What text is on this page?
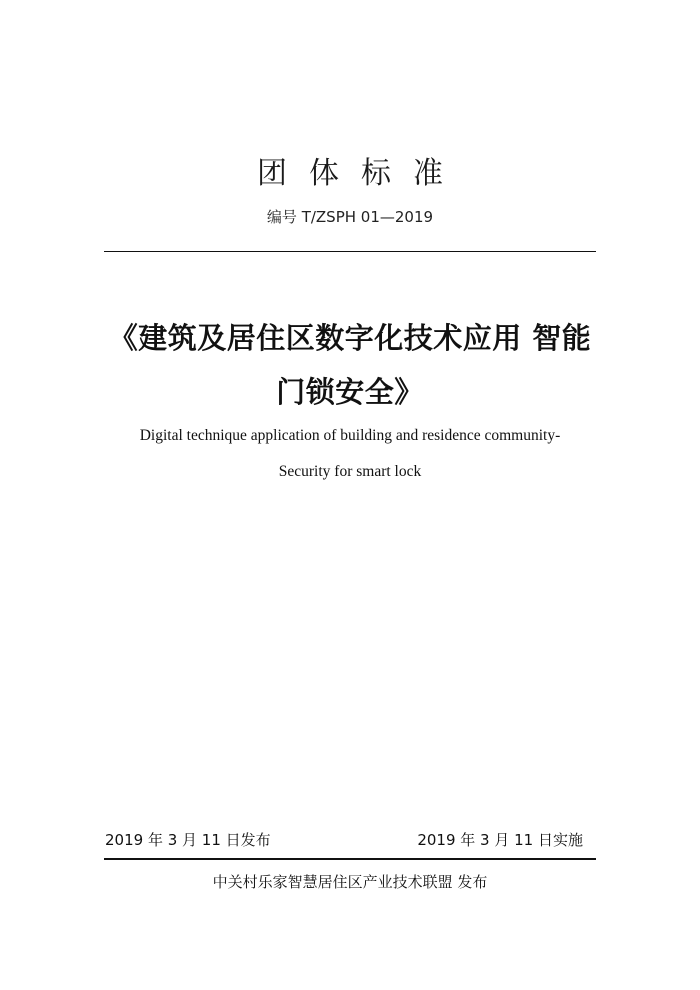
团体标准
编号 T/ZSPH 01—2019
《建筑及居住区数字化技术应用 智能
门锁安全》
Digital technique application of building and residence community-
Security for smart lock
2019 年 3 月 11 日发布	2019 年 3 月 11 日实施
中关村乐家智慧居住区产业技术联盟 发布
